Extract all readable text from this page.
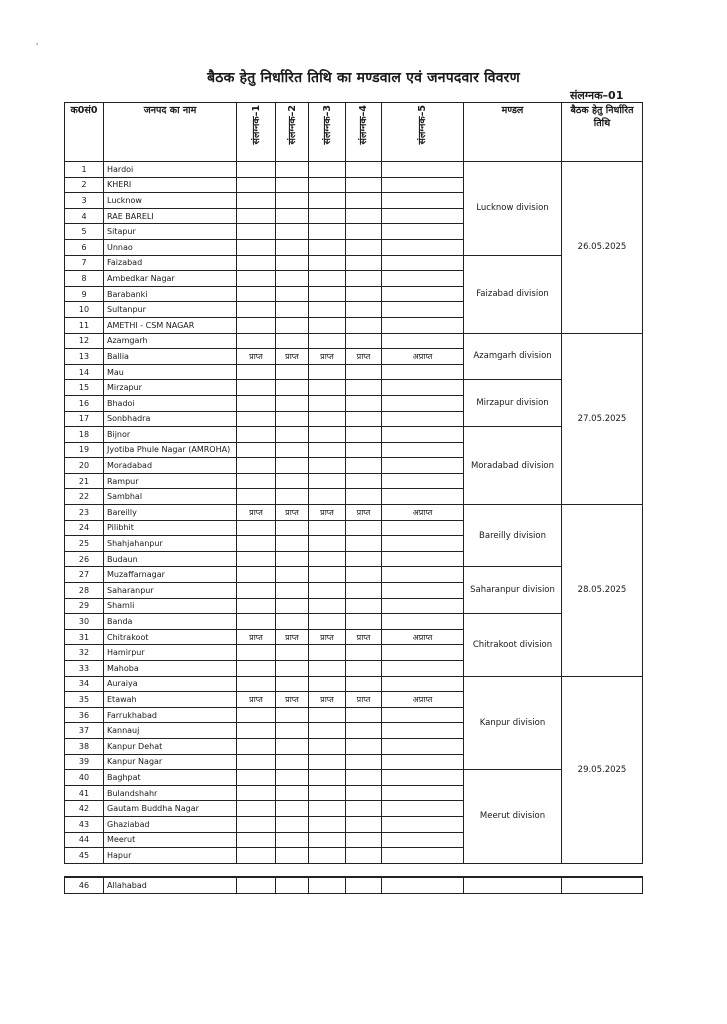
बैठक हेतु निर्धारित तिथि का मण्डवाल एवं जनपदवार विवरण
संलग्नक–01
'
क0सं0	जनपद का नाम	संलग्नक–1	संलग्नक–2	संलग्नक–3	संलग्नक–4	संलग्नक–5	मण्डल	बैठक हेतु निर्धारित तिथि
1	Hardoi						Lucknow division	26.05.2025
2	KHERI							
3	Lucknow							
4	RAE BARELI							
5	Sitapur							
6	Unnao							
7	Faizabad						Faizabad division	
8	Ambedkar Nagar							
9	Barabanki							
10	Sultanpur							
11	AMETHI - CSM NAGAR							
12	Azamgarh						Azamgarh division	27.05.2025
13	Ballia	प्राप्त	प्राप्त	प्राप्त	प्राप्त	अप्राप्त		
14	Mau							
15	Mirzapur						Mirzapur division	
16	Bhadoi							
17	Sonbhadra							
18	Bijnor						Moradabad division	
19	Jyotiba Phule Nagar (AMROHA)							
20	Moradabad							
21	Rampur							
22	Sambhal							
23	Bareilly	प्राप्त	प्राप्त	प्राप्त	प्राप्त	अप्राप्त	Bareilly division	28.05.2025
24	Pilibhit							
25	Shahjahanpur							
26	Budaun							
27	Muzaffarnagar						Saharanpur division	
28	Saharanpur							
29	Shamli							
30	Banda						Chitrakoot division	
31	Chitrakoot	प्राप्त	प्राप्त	प्राप्त	प्राप्त	अप्राप्त		
32	Hamirpur							
33	Mahoba							
34	Auraiya						Kanpur division	29.05.2025
35	Etawah	प्राप्त	प्राप्त	प्राप्त	प्राप्त	अप्राप्त		
36	Farrukhabad							
37	Kannauj							
38	Kanpur Dehat							
39	Kanpur Nagar							
40	Baghpat						Meerut division	
41	Bulandshahr							
42	Gautam Buddha Nagar							
43	Ghaziabad							
44	Meerut							
45	Hapur							
46	Allahabad							
